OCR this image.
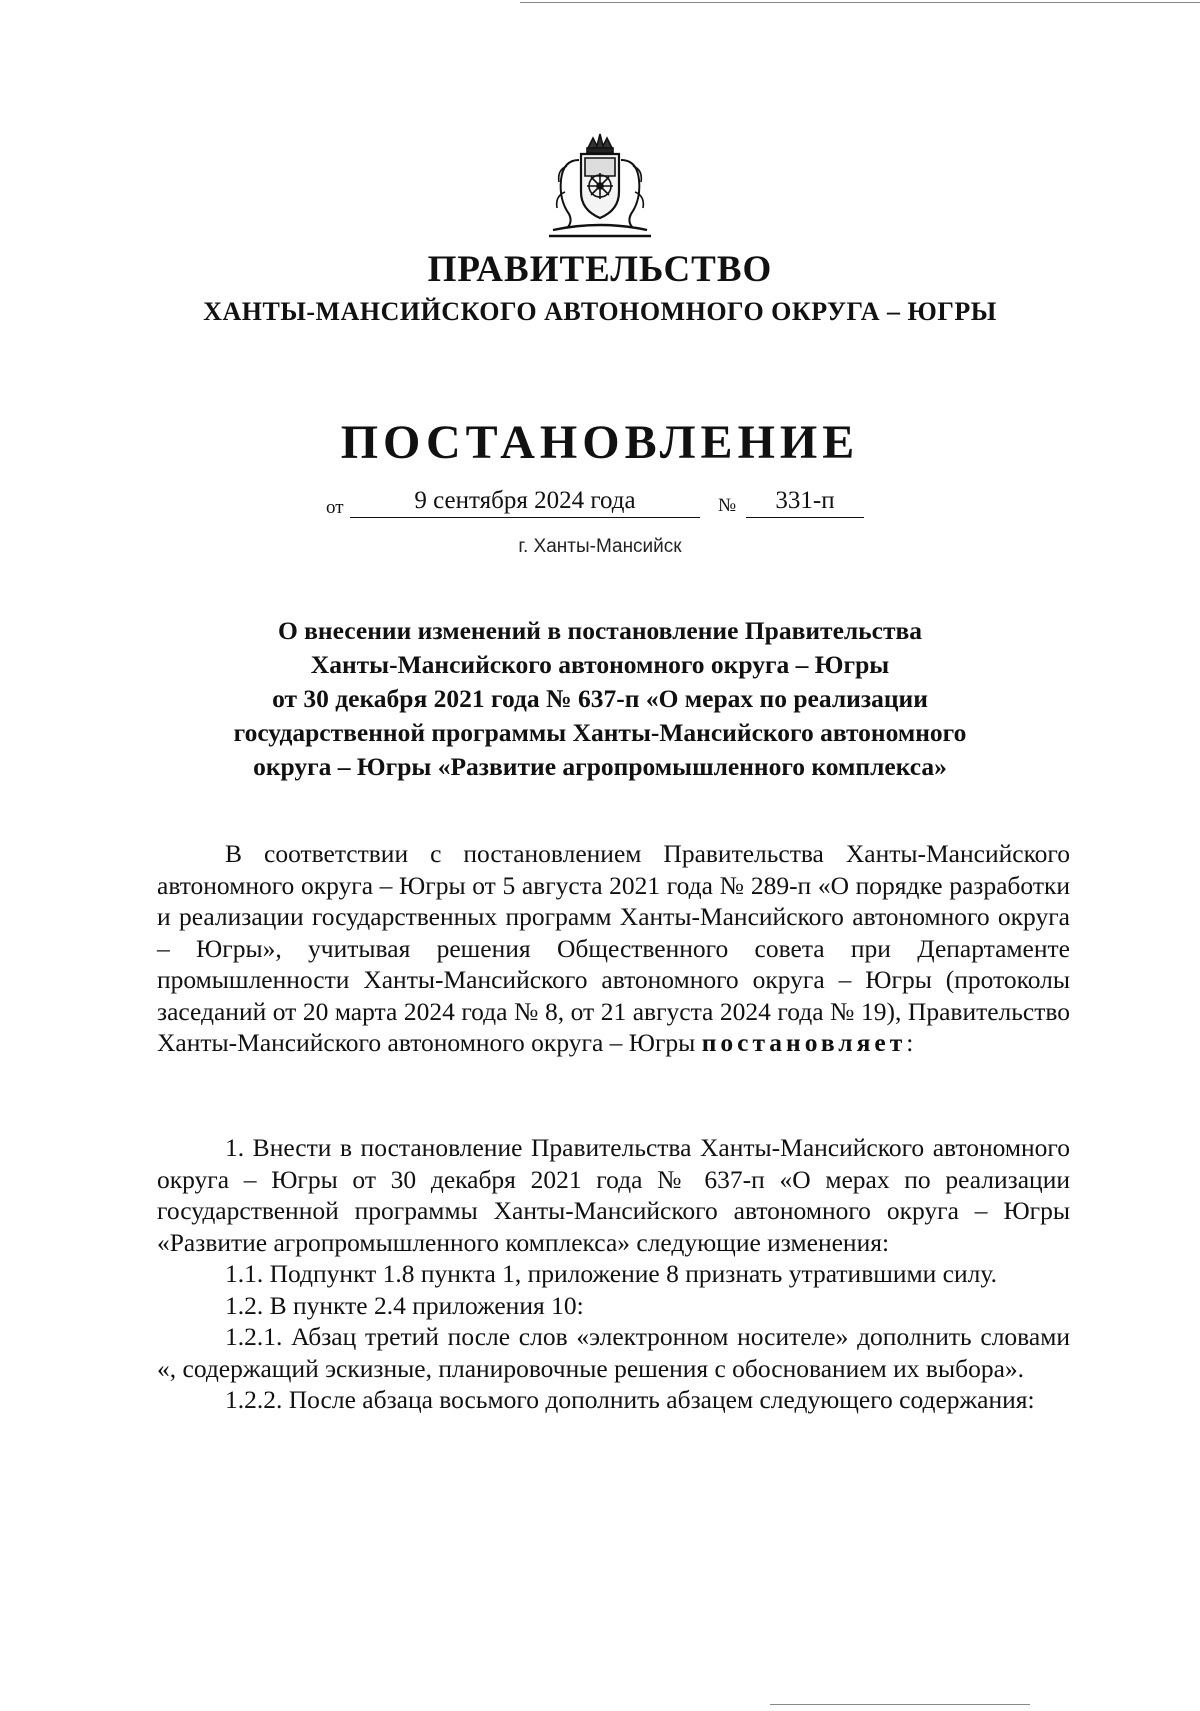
ПРАВИТЕЛЬСТВО
ХАНТЫ-МАНСИЙСКОГО АВТОНОМНОГО ОКРУГА – ЮГРЫ
ПОСТАНОВЛЕНИЕ
от	9 сентября 2024 года	№	331-п
г. Ханты-Мансийск
О внесении изменений в постановление Правительства
Ханты-Мансийского автономного округа – Югры
от 30 декабря 2021 года № 637-п «О мерах по реализации
государственной программы Ханты-Мансийского автономного
округа – Югры «Развитие агропромышленного комплекса»

В соответствии с постановлением Правительства Ханты-Мансийского автономного округа – Югры от 5 августа 2021 года № 289-п «О порядке разработки и реализации государственных программ Ханты-Мансийского автономного округа – Югры», учитывая решения Общественного совета при Департаменте промышленности Ханты-Мансийского автономного округа – Югры (протоколы заседаний от 20 марта 2024 года № 8, от 21 августа 2024 года № 19), Правительство Ханты-Мансийского автономного округа – Югры постановляет:

1. Внести в постановление Правительства Ханты-Мансийского автономного округа – Югры от 30 декабря 2021 года № 637-п «О мерах по реализации государственной программы Ханты-Мансийского автономного округа – Югры «Развитие агропромышленного комплекса» следующие изменения:

1.1. Подпункт 1.8 пункта 1, приложение 8 признать утратившими силу.

1.2. В пункте 2.4 приложения 10:

1.2.1. Абзац третий после слов «электронном носителе» дополнить словами «, содержащий эскизные, планировочные решения с обоснованием их выбора».

1.2.2. После абзаца восьмого дополнить абзацем следующего содержания:
